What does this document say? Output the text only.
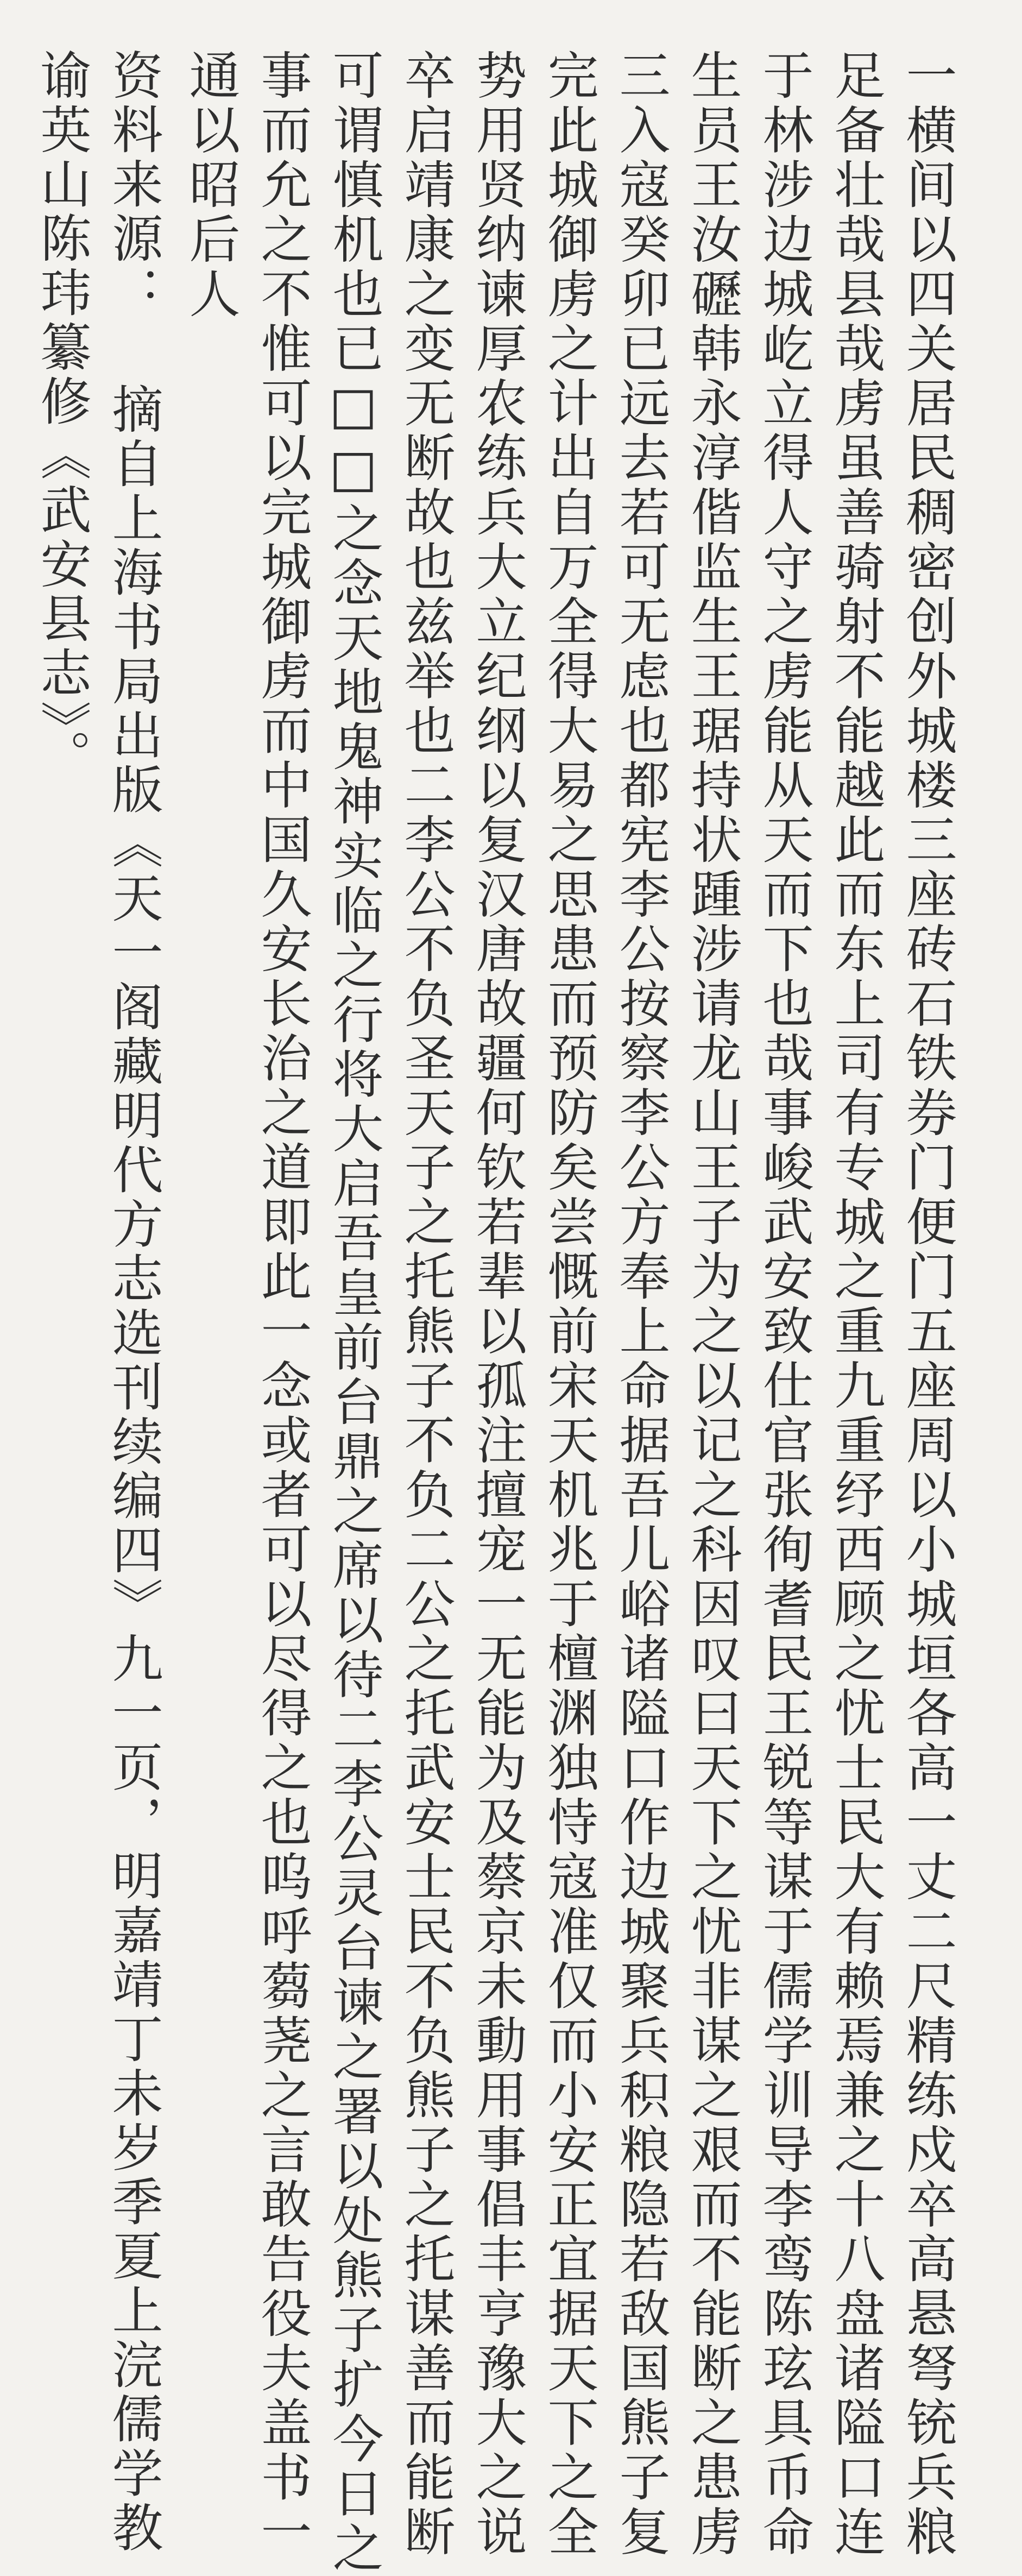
一横间以四关居民稠密创外城楼三座砖石铁券门便门五座周以小城垣各高一丈二尺精练戍卒高悬弩铳兵粮
足备壮哉县哉虏虽善骑射不能越此而东上司有专城之重九重纾西顾之忧士民大有赖焉兼之十八盘诸隘口连
于林涉边城屹立得人守之虏能从天而下也哉事峻武安致仕官张徇耆民王锐等谋于儒学训导李鸾陈玹具币命
生员王汝礰韩永淳偕监生王琚持状踵涉请龙山王子为之以记之科因叹曰天下之忧非谋之艰而不能断之患虏
三入寇癸卯已远去若可无虑也都宪李公按察李公方奉上命据吾儿峪诸隘口作边城聚兵积粮隐若敌国熊子复
完此城御虏之计出自万全得大易之思患而预防矣尝慨前宋天机兆于檀渊独恃寇准仅而小安正宜据天下之全
势用贤纳谏厚农练兵大立纪纲以复汉唐故疆何钦若辈以孤注擅宠一无能为及蔡京未動用事倡丰亨豫大之说
卒启靖康之变无断故也兹举也二李公不负圣天子之托熊子不负二公之托武安士民不负熊子之托谋善而能断
可谓慎机也已□□之念天地鬼神实临之行将大启吾皇前台鼎之席以待二李公灵台谏之署以处熊子扩今日之
事而允之不惟可以完城御虏而中国久安长治之道即此一念或者可以尽得之也呜呼蒭荛之言敢告役夫盖书一
通以昭后人
资料来源： 摘自上海书局出版《天一阁藏明代方志选刊续编四》九一页，明嘉靖丁未岁季夏上浣儒学教
谕英山陈玮纂修《武安县志》。
